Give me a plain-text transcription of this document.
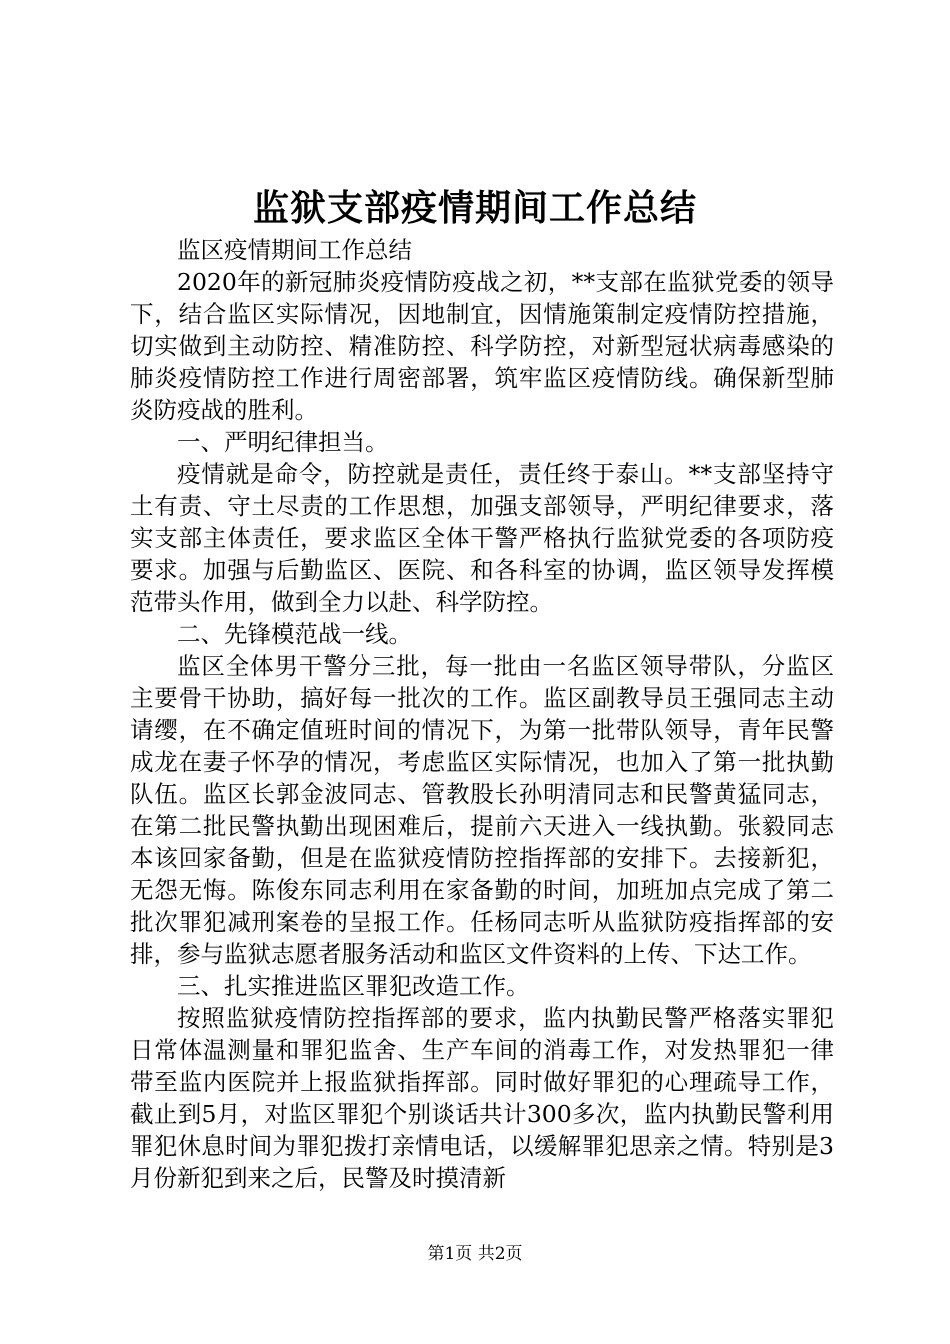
监狱支部疫情期间工作总结

监区疫情期间工作总结

2020年的新冠肺炎疫情防疫战之初，**支部在监狱党委的领导下，结合监区实际情况，因地制宜，因情施策制定疫情防控措施，切实做到主动防控、精准防控、科学防控，对新型冠状病毒感染的肺炎疫情防控工作进行周密部署，筑牢监区疫情防线。确保新型肺炎防疫战的胜利。

一、严明纪律担当。

疫情就是命令，防控就是责任，责任终于泰山。**支部坚持守土有责、守土尽责的工作思想，加强支部领导，严明纪律要求，落实支部主体责任，要求监区全体干警严格执行监狱党委的各项防疫要求。加强与后勤监区、医院、和各科室的协调，监区领导发挥模范带头作用，做到全力以赴、科学防控。

二、先锋模范战一线。

监区全体男干警分三批，每一批由一名监区领导带队，分监区主要骨干协助，搞好每一批次的工作。监区副教导员王强同志主动请缨，在不确定值班时间的情况下，为第一批带队领导，青年民警成龙在妻子怀孕的情况，考虑监区实际情况，也加入了第一批执勤队伍。监区长郭金波同志、管教股长孙明清同志和民警黄猛同志，在第二批民警执勤出现困难后，提前六天进入一线执勤。张毅同志本该回家备勤，但是在监狱疫情防控指挥部的安排下。去接新犯，无怨无悔。陈俊东同志利用在家备勤的时间，加班加点完成了第二批次罪犯减刑案卷的呈报工作。任杨同志听从监狱防疫指挥部的安排，参与监狱志愿者服务活动和监区文件资料的上传、下达工作。

三、扎实推进监区罪犯改造工作。

按照监狱疫情防控指挥部的要求，监内执勤民警严格落实罪犯日常体温测量和罪犯监舍、生产车间的消毒工作，对发热罪犯一律带至监内医院并上报监狱指挥部。同时做好罪犯的心理疏导工作，截止到5月，对监区罪犯个别谈话共计300多次，监内执勤民警利用罪犯休息时间为罪犯拨打亲情电话，以缓解罪犯思亲之情。特别是3月份新犯到来之后，民警及时摸清新

第1页 共2页
